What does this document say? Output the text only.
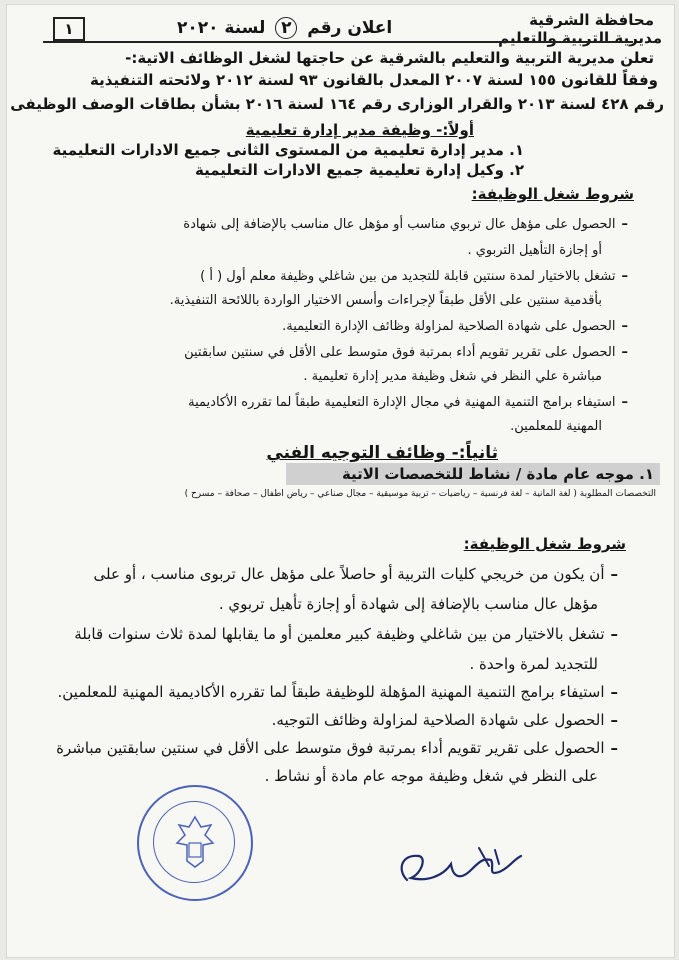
١	اعلان رقم ٢ لسنة ٢٠٢٠	محافظة الشرقية
مديرية التربية والتعليم
تعلن مديرية التربية والتعليم بالشرقية عن حاجتها لشغل الوظائف الاتية:-
وفقاً للقانون ١٥٥ لسنة ٢٠٠٧ المعدل بالقانون ٩٣ لسنة ٢٠١٢ ولائحته التنفيذية
رقم ٤٢٨ لسنة ٢٠١٣ والقرار الوزارى رقم ١٦٤ لسنة ٢٠١٦ بشأن بطاقات الوصف الوظيفى
أولاً:- وظيفة مدير إدارة تعليمية
١. مدير إدارة تعليمية من المستوى الثانى جميع الادارات التعليمية
٢. وكيل إدارة تعليمية جميع الادارات التعليمية
شروط شغل الوظيفة:
–الحصول على مؤهل عال تربوي مناسب أو مؤهل عال مناسب بالإضافة إلى شهادة
أو إجازة التأهيل التربوي .
–تشغل بالاختيار لمدة سنتين قابلة للتجديد من بين شاغلي وظيفة معلم أول ( أ )
بأقدمية سنتين على الأقل طبقاً لإجراءات وأسس الاختيار الواردة باللائحة التنفيذية.
–الحصول على شهادة الصلاحية لمزاولة وظائف الإدارة التعليمية.
–الحصول على تقرير تقويم أداء بمرتبة فوق متوسط على الأقل في سنتين سابقتين
مباشرة علي النظر في شغل وظيفة مدير إدارة تعليمية .
–استيفاء برامج التنمية المهنية في مجال الإدارة التعليمية طبقاً لما تقرره الأكاديمية
المهنية للمعلمين.
ثانياً:- وظائف التوجيه الفني
١. موجه عام مادة / نشاط للتخصصات الاتية
التخصصات المطلوبة ( لغة المانية – لغة فرنسية – رياضيات – تربية موسيقية – مجال صناعي – رياض اطفال – صحافة – مسرح )
شروط شغل الوظيفة:
–أن يكون من خريجي كليات التربية أو حاصلاً على مؤهل عال تربوى مناسب ، أو على
مؤهل عال مناسب بالإضافة إلى شهادة أو إجازة تأهيل تربوي .
–تشغل بالاختيار من بين شاغلي وظيفة كبير معلمين أو ما يقابلها لمدة ثلاث سنوات قابلة
للتجديد لمرة واحدة .
–استيفاء برامج التنمية المهنية المؤهلة للوظيفة طبقاً لما تقرره الأكاديمية المهنية للمعلمين.
–الحصول على شهادة الصلاحية لمزاولة وظائف التوجيه.
–الحصول على تقرير تقويم أداء بمرتبة فوق متوسط على الأقل في سنتين سابقتين مباشرة
على النظر في شغل وظيفة موجه عام مادة أو نشاط .
